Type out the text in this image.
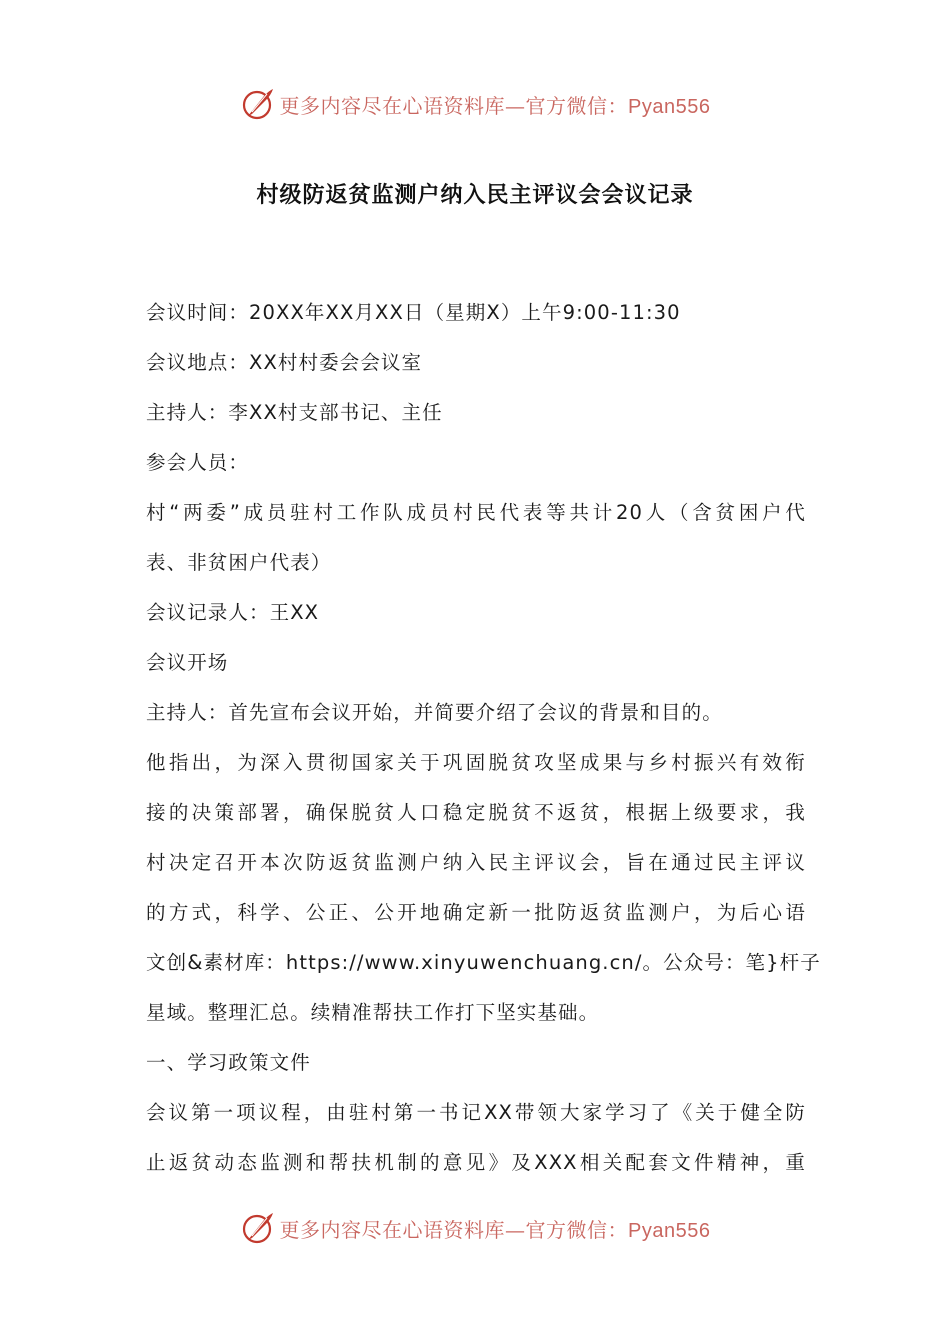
更多内容尽在心语资料库—官方微信：Pyan556
村级防返贫监测户纳入民主评议会会议记录
会议时间：20XX年XX月XX日（星期X）上午9:00-11:30
会议地点：XX村村委会会议室
主持人：李XX村支部书记、主任
参会人员：
村“两委”成员驻村工作队成员村民代表等共计20人（含贫困户代
表、非贫困户代表）
会议记录人：王XX
会议开场
主持人：首先宣布会议开始，并简要介绍了会议的背景和目的。
他指出，为深入贯彻国家关于巩固脱贫攻坚成果与乡村振兴有效衔
接的决策部署，确保脱贫人口稳定脱贫不返贫，根据上级要求，我
村决定召开本次防返贫监测户纳入民主评议会，旨在通过民主评议
的方式，科学、公正、公开地确定新一批防返贫监测户，为后心语
文创&素材库：https://www.xinyuwenchuang.cn/。公众号：笔}杆子
星域。整理汇总。续精准帮扶工作打下坚实基础。
一、学习政策文件
会议第一项议程，由驻村第一书记XX带领大家学习了《关于健全防
止返贫动态监测和帮扶机制的意见》及XXX相关配套文件精神，重
更多内容尽在心语资料库—官方微信：Pyan556
